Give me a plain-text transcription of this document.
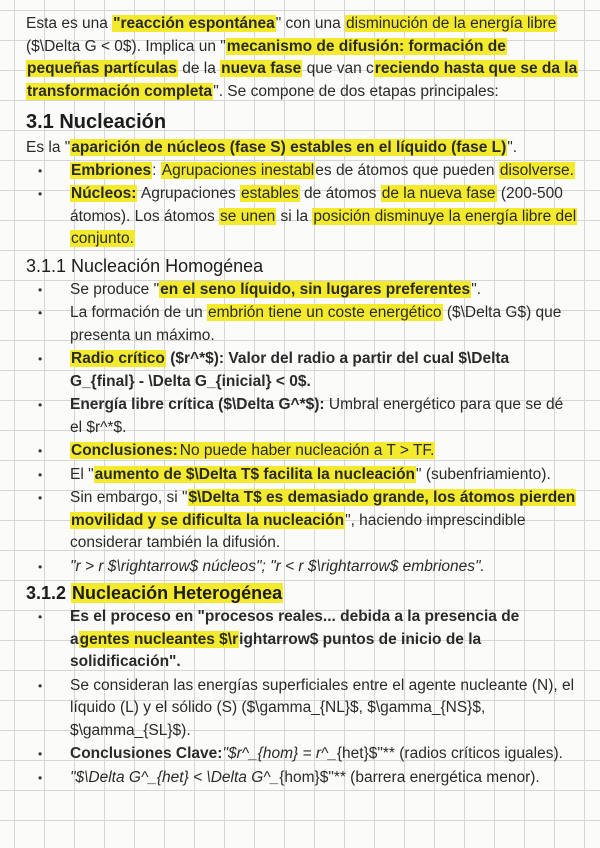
Esta es una "reacción espontánea" con una disminución de la energía libre ($\Delta G < 0$). Implica un "mecanismo de difusión: formación de pequeñas partículas de la nueva fase que van creciendo hasta que se da la transformación completa". Se compone de dos etapas principales:

3.1 Nucleación

Es la "aparición de núcleos (fase S) estables en el líquido (fase L)".

• Embriones: Agrupaciones inestables de átomos que pueden disolverse.
• Núcleos: Agrupaciones estables de átomos de la nueva fase (200-500 átomos). Los átomos se unen si la posición disminuye la energía libre del conjunto.
3.1.1 Nucleación Homogénea
• Se produce "en el seno líquido, sin lugares preferentes".
• La formación de un embrión tiene un coste energético ($\Delta G$) que presenta un máximo.
• Radio crítico ($r^*$): Valor del radio a partir del cual $\Delta G_{final} - \Delta G_{inicial} < 0$.
• Energía libre crítica ($\Delta G^*$): Umbral energético para que se dé el $r^*$.
• Conclusiones: No puede haber nucleación a T > TF.
• El "aumento de $\Delta T$ facilita la nucleación" (subenfriamiento).
• Sin embargo, si "$\Delta T$ es demasiado grande, los átomos pierden movilidad y se dificulta la nucleación", haciendo imprescindible considerar también la difusión.
• "r > r $\rightarrow$ núcleos"; "r < r $\rightarrow$ embriones".
3.1.2 Nucleación Heterogénea
• Es el proceso en "procesos reales... debida a la presencia de agentes nucleantes $\rightarrow$ puntos de inicio de la solidificación".
• Se consideran las energías superficiales entre el agente nucleante (N), el líquido (L) y el sólido (S) ($\gamma_{NL}$, $\gamma_{NS}$, $\gamma_{SL}$).
• Conclusiones Clave:"$r^_{hom} = r^_{het}$"** (radios críticos iguales).
• "$\Delta G^_{het} < \Delta G^_{hom}$"** (barrera energética menor).
